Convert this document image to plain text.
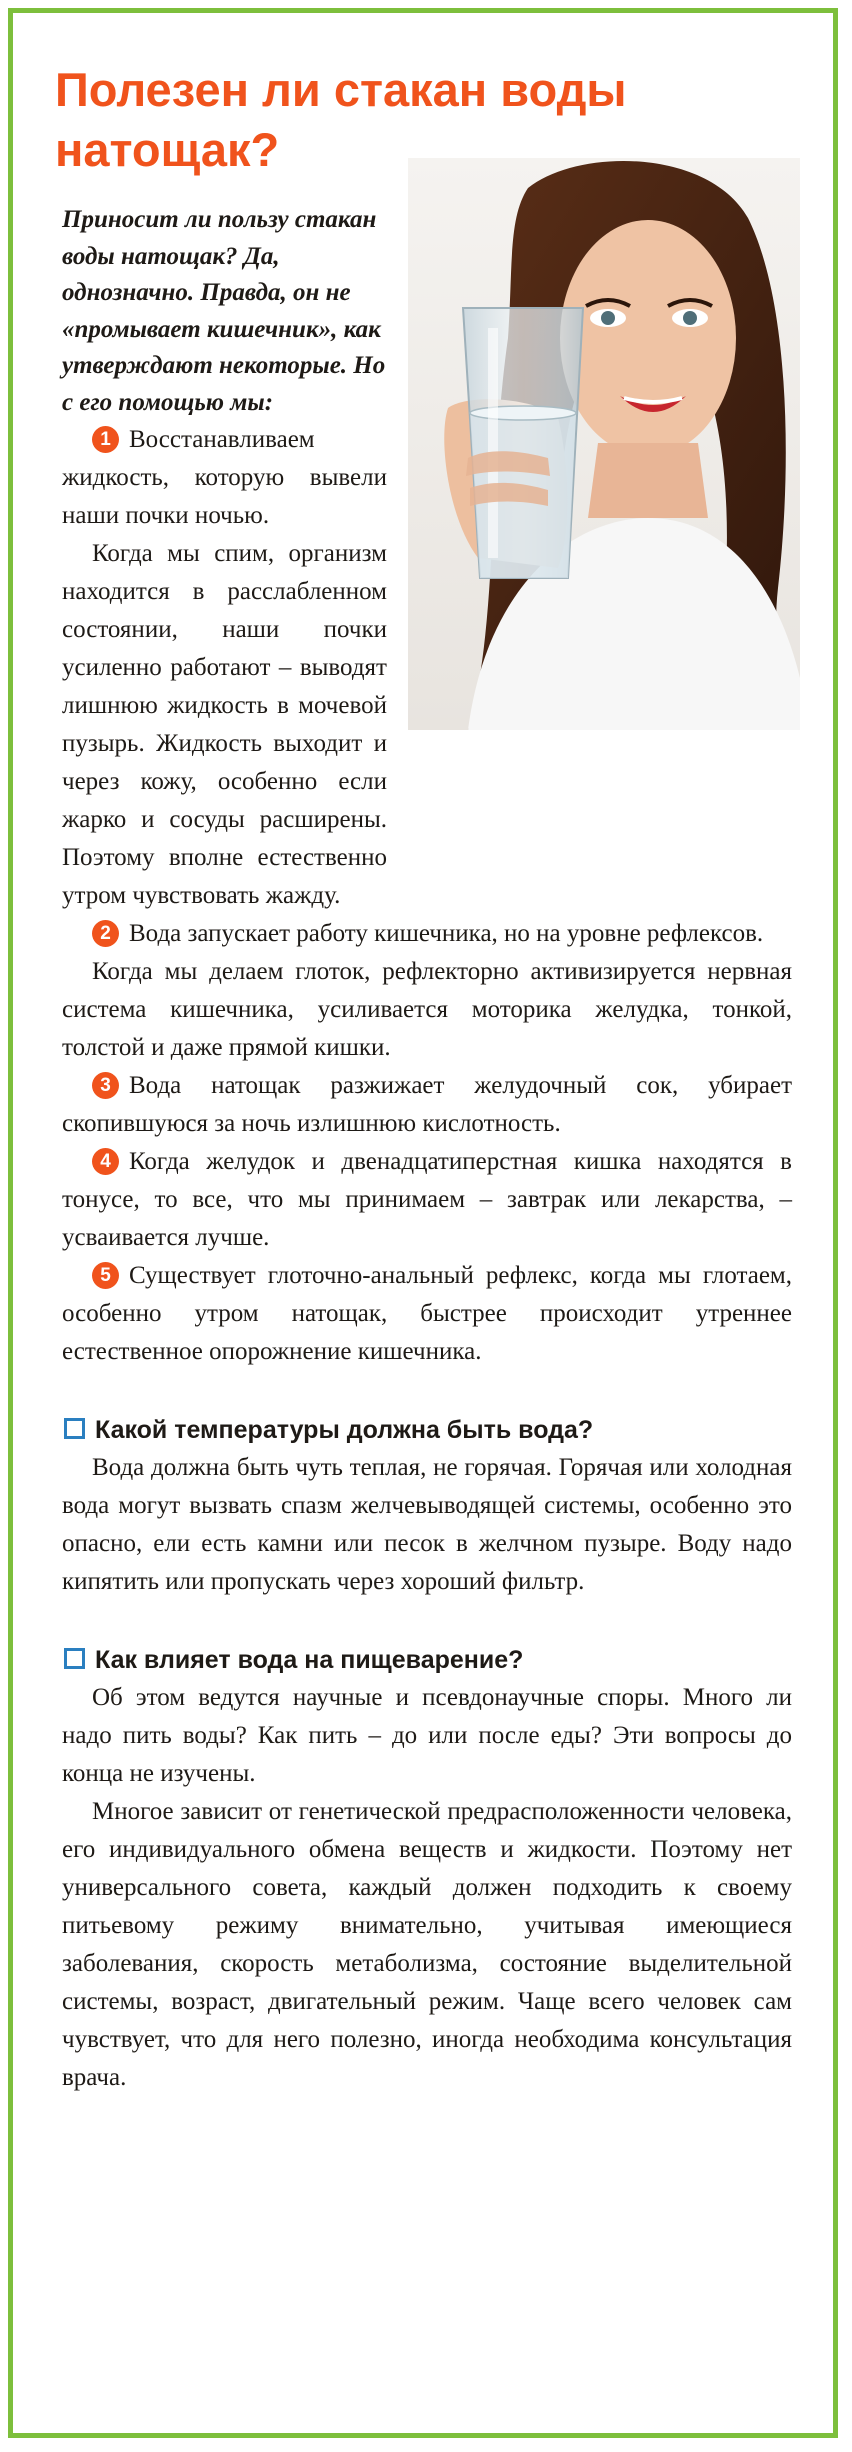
Полезен ли стакан воды натощак?

Приносит ли пользу стакан воды натощак? Да, однозначно. Правда, он не «промывает кишечник», как утверждают некоторые. Но с его помощью мы:

1 Восстанавливаем жидкость, которую вывели наши почки ночью.

Когда мы спим, организм находится в расслабленном состоянии, наши почки усиленно работают – выводят лишнюю жидкость в мочевой пузырь. Жидкость выходит и через кожу, особенно если жарко и сосуды расширены. Поэтому вполне естественно утром чувствовать жажду.

2 Вода запускает работу кишечника, но на уровне рефлексов.

Когда мы делаем глоток, рефлекторно активизируется нервная система кишечника, усиливается моторика желудка, тонкой, толстой и даже прямой кишки.

3 Вода натощак разжижает желудочный сок, убирает скопившуюся за ночь излишнюю кислотность.

4 Когда желудок и двенадцатиперстная кишка находятся в тонусе, то все, что мы принимаем – завтрак или лекарства, – усваивается лучше.

5 Существует глоточно-анальный рефлекс, когда мы глотаем, особенно утром натощак, быстрее происходит утреннее естественное опорожнение кишечника.

Какой температуры должна быть вода?

Вода должна быть чуть теплая, не горячая. Горячая или холодная вода могут вызвать спазм желчевыводящей системы, особенно это опасно, ели есть камни или песок в желчном пузыре. Воду надо кипятить или пропускать через хороший фильтр.

Как влияет вода на пищеварение?

Об этом ведутся научные и псевдонаучные споры. Много ли надо пить воды? Как пить – до или после еды? Эти вопросы до конца не изучены.

Многое зависит от генетической предрасположенности человека, его индивидуального обмена веществ и жидкости. Поэтому нет универсального совета, каждый должен подходить к своему питьевому режиму внимательно, учитывая имеющиеся заболевания, скорость метаболизма, состояние выделительной системы, возраст, двигательный режим. Чаще всего человек сам чувствует, что для него полезно, иногда необходима консультация врача.
